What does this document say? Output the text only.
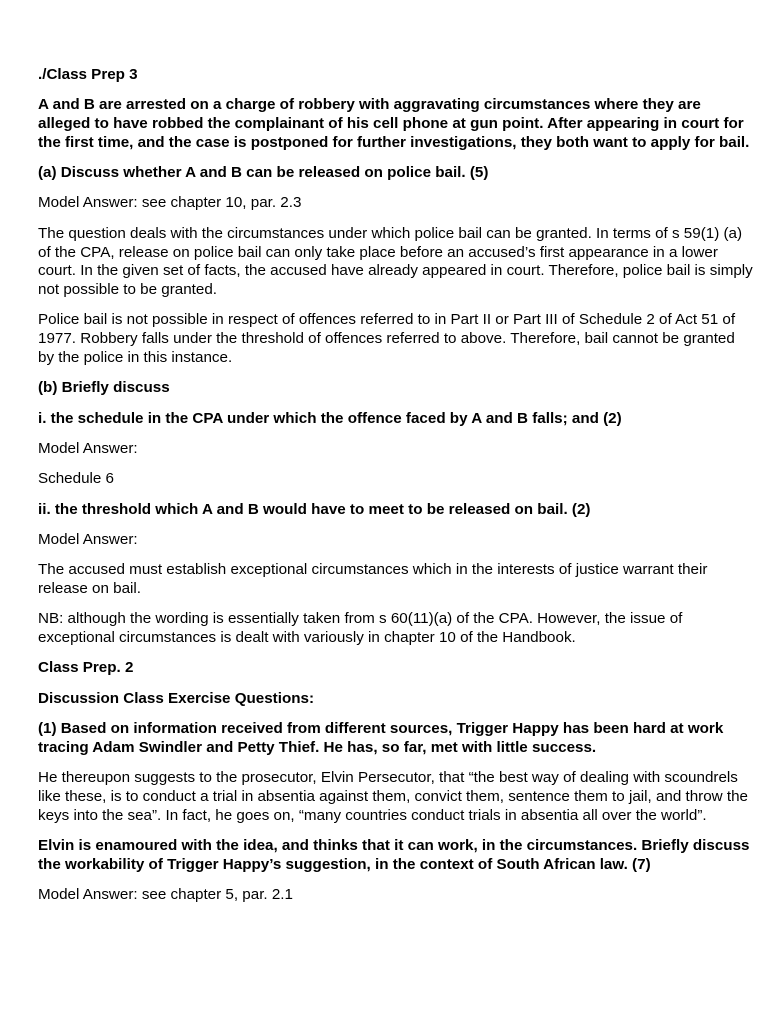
./Class Prep 3

A and B are arrested on a charge of robbery with aggravating circumstances where they are alleged to have robbed the complainant of his cell phone at gun point. After appearing in court for the first time, and the case is postponed for further investigations, they both want to apply for bail.

(a) Discuss whether A and B can be released on police bail. (5)

Model Answer: see chapter 10, par. 2.3

The question deals with the circumstances under which police bail can be granted. In terms of s 59(1) (a) of the CPA, release on police bail can only take place before an accused’s first appearance in a lower court. In the given set of facts, the accused have already appeared in court. Therefore, police bail is simply not possible to be granted.

Police bail is not possible in respect of offences referred to in Part II or Part III of Schedule 2 of Act 51 of 1977. Robbery falls under the threshold of offences referred to above. Therefore, bail cannot be granted by the police in this instance.

(b) Briefly discuss

i. the schedule in the CPA under which the offence faced by A and B falls; and (2)

Model Answer:

Schedule 6

ii. the threshold which A and B would have to meet to be released on bail. (2)

Model Answer:

The accused must establish exceptional circumstances which in the interests of justice warrant their release on bail.

NB: although the wording is essentially taken from s 60(11)(a) of the CPA. However, the issue of exceptional circumstances is dealt with variously in chapter 10 of the Handbook.

Class Prep. 2

Discussion Class Exercise Questions:

(1) Based on information received from different sources, Trigger Happy has been hard at work tracing Adam Swindler and Petty Thief. He has, so far, met with little success.

He thereupon suggests to the prosecutor, Elvin Persecutor, that “the best way of dealing with scoundrels like these, is to conduct a trial in absentia against them, convict them, sentence them to jail, and throw the keys into the sea”. In fact, he goes on, “many countries conduct trials in absentia all over the world”.

Elvin is enamoured with the idea, and thinks that it can work, in the circumstances. Briefly discuss the workability of Trigger Happy’s suggestion, in the context of South African law. (7)

Model Answer: see chapter 5, par. 2.1
